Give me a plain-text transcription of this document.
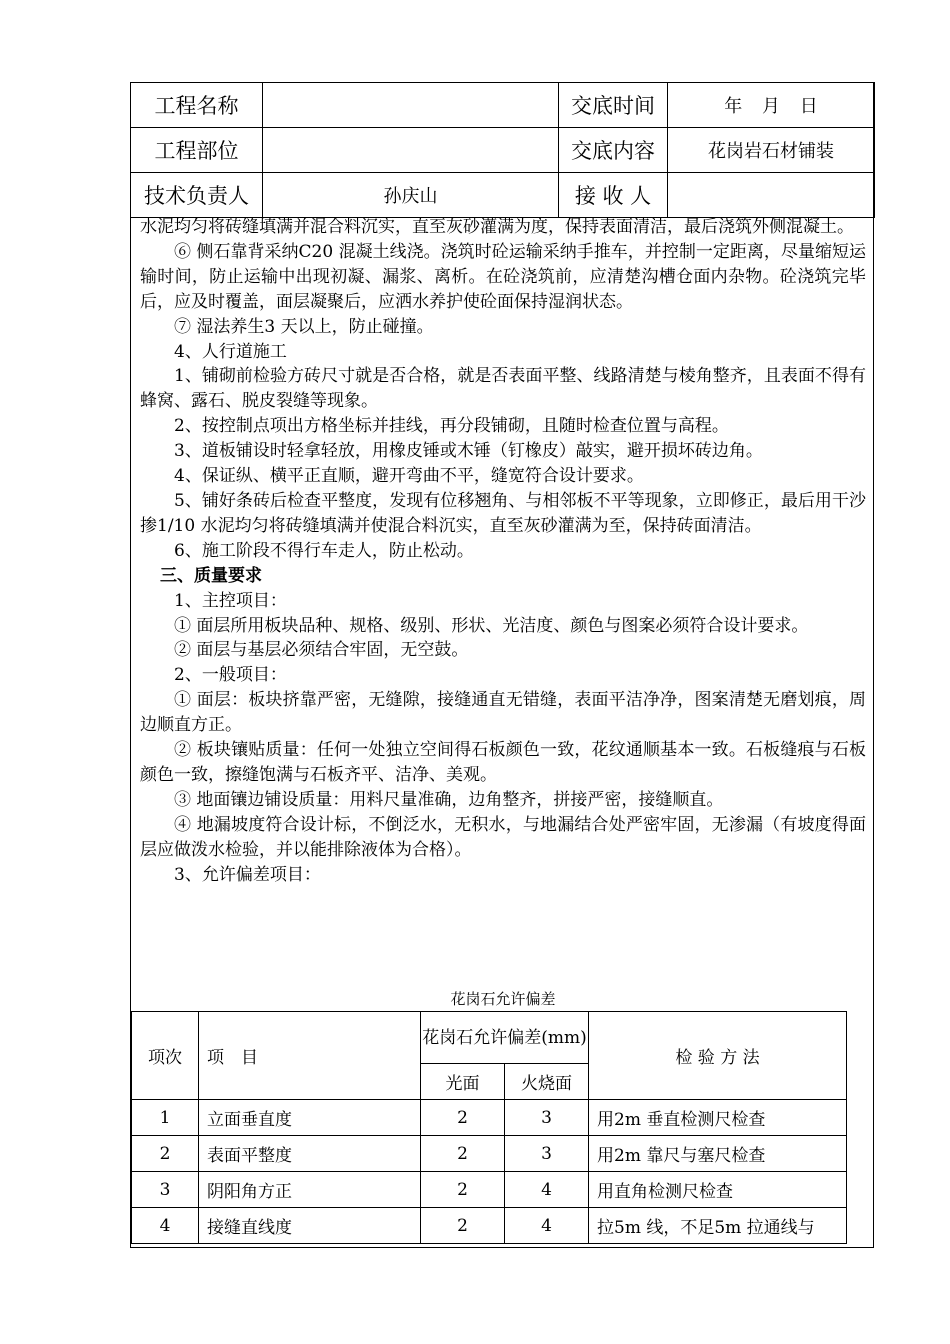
工程名称		交底时间	年 月 日
工程部位		交底内容	花岗岩石材铺装
技术负责人	孙庆山	接 收 人	

水泥均匀将砖缝填满并混合料沉实，直至灰砂灌满为度，保持表面清洁，最后浇筑外侧混凝土。

⑥ 侧石靠背采纳C20 混凝土线浇。浇筑时砼运输采纳手推车，并控制一定距离，尽量缩短运输时间，防止运输中出现初凝、漏浆、离析。在砼浇筑前，应清楚沟槽仓面内杂物。砼浇筑完毕后，应及时覆盖，面层凝聚后，应洒水养护使砼面保持湿润状态。

⑦ 湿法养生3 天以上，防止碰撞。

4、人行道施工

1、铺砌前检验方砖尺寸就是否合格，就是否表面平整、线路清楚与棱角整齐，且表面不得有蜂窝、露石、脱皮裂缝等现象。

2、按控制点项出方格坐标并挂线，再分段铺砌，且随时检查位置与高程。

3、道板铺设时轻拿轻放，用橡皮锤或木锤（钉橡皮）敲实，避开损坏砖边角。

4、保证纵、横平正直顺，避开弯曲不平，缝宽符合设计要求。

5、铺好条砖后检查平整度，发现有位移翘角、与相邻板不平等现象，立即修正，最后用干沙掺1/10 水泥均匀将砖缝填满并使混合料沉实，直至灰砂灌满为至，保持砖面清洁。

6、施工阶段不得行车走人，防止松动。

三、质量要求

1、主控项目：

① 面层所用板块品种、规格、级别、形状、光洁度、颜色与图案必须符合设计要求。

② 面层与基层必须结合牢固，无空鼓。

2、一般项目：

① 面层：板块挤靠严密，无缝隙，接缝通直无错缝，表面平洁净净，图案清楚无磨划痕，周边顺直方正。

② 板块镶贴质量：任何一处独立空间得石板颜色一致，花纹通顺基本一致。石板缝痕与石板颜色一致，擦缝饱满与石板齐平、洁净、美观。

③ 地面镶边铺设质量：用料尺量准确，边角整齐，拼接严密，接缝顺直。

④ 地漏坡度符合设计标，不倒泛水，无积水，与地漏结合处严密牢固，无渗漏（有坡度得面层应做泼水检验，并以能排除液体为合格）。

3、允许偏差项目：

花岗石允许偏差

项次	项　目	花岗石允许偏差(mm)		检 验 方 法
		光面	火烧面	
1	立面垂直度	2	3	用2m 垂直检测尺检查
2	表面平整度	2	3	用2m 靠尺与塞尺检查
3	阴阳角方正	2	4	用直角检测尺检查
4	接缝直线度	2	4	拉5m 线，不足5m 拉通线与
